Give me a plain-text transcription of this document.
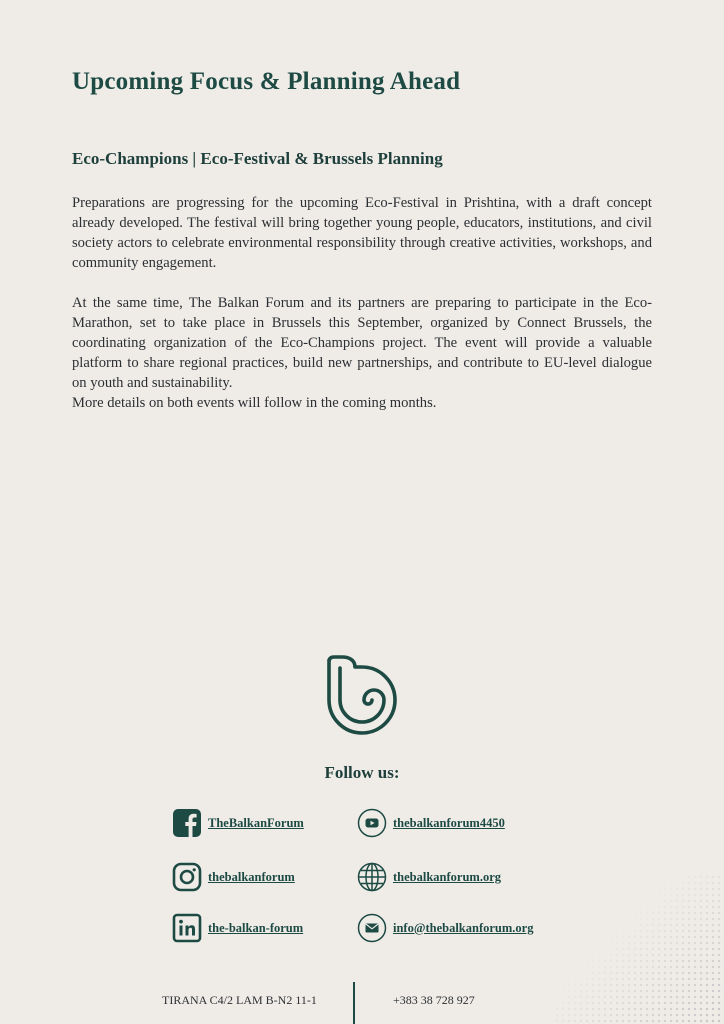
Upcoming Focus & Planning Ahead
Eco-Champions | Eco-Festival & Brussels Planning

Preparations are progressing for the upcoming Eco-Festival in Prishtina, with a draft concept already developed. The festival will bring together young people, educators, institutions, and civil society actors to celebrate environmental responsibility through creative activities, workshops, and community engagement.

At the same time, The Balkan Forum and its partners are preparing to participate in the Eco-Marathon, set to take place in Brussels this September, organized by Connect Brussels, the coordinating organization of the Eco-Champions project. The event will provide a valuable platform to share regional practices, build new partnerships, and contribute to EU-level dialogue on youth and sustainability.

More details on both events will follow in the coming months.

Follow us:
TheBalkanForum	thebalkanforum4450
thebalkanforum	thebalkanforum.org
the-balkan-forum	info@thebalkanforum.org
TIRANA C4/2 LAM B-N2 11-1	+383 38 728 927
